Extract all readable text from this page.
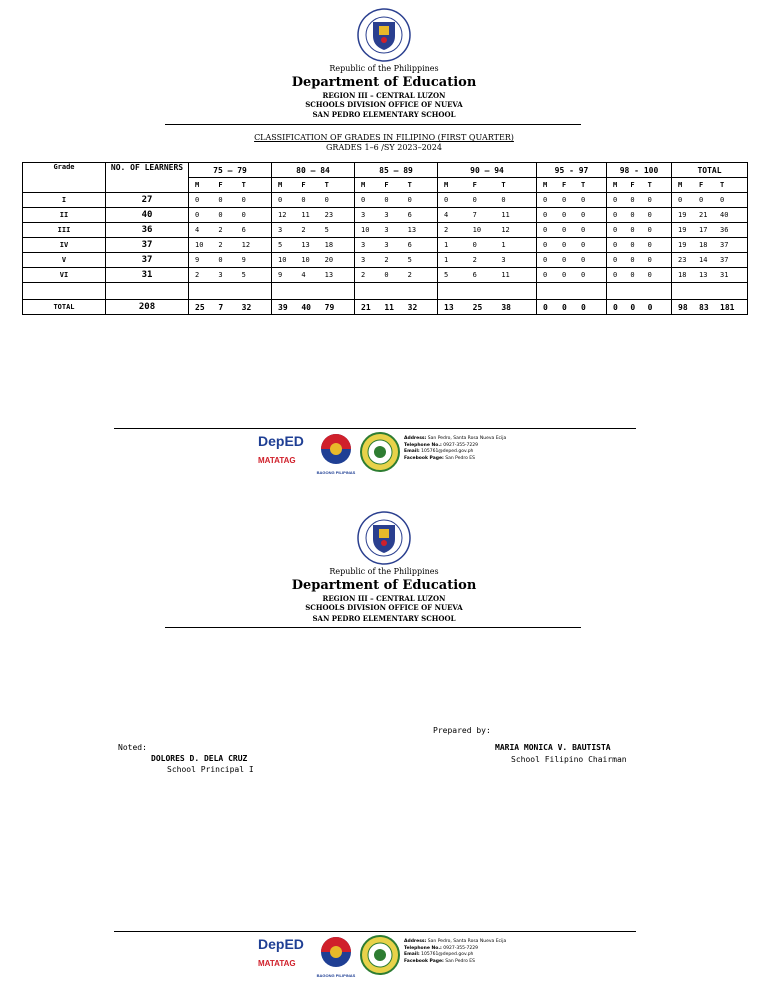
Republic of the Philippines
Department of Education
REGION III – CENTRAL LUZON
SCHOOLS DIVISION OFFICE OF NUEVA
SAN PEDRO ELEMENTARY SCHOOL
CLASSIFICATION OF GRADES IN FILIPINO (FIRST QUARTER)
GRADES 1–6 /SY 2023–2024
Grade	NO. OF LEARNERS	75 – 79	80 – 84	85 – 89	90 – 94	95 - 97	98 - 100	TOTAL

		M F T	M F T	M F T	M F T	M F T	M F T	M F T

I	27	0 0 0	0 0 0	0 0 0	0 0 0	0 0 0	0 0 0	0 0 0

II	40	0 0 0	12 11 23	3 3 6	4 7 11	0 0 0	0 0 0	19 21 40

III	36	4 2 6	3 2 5	10 3 13	2 10 12	0 0 0	0 0 0	19 17 36

IV	37	10 2 12	5 13 18	3 3 6	1 0 1	0 0 0	0 0 0	19 18 37

V	37	9 0 9	10 10 20	3 2 5	1 2 3	0 0 0	0 0 0	23 14 37

VI	31	2 3 5	9 4 13	2 0 2	5 6 11	0 0 0	0 0 0	18 13 31

TOTAL	208	25 7 32	39 40 79	21 11 32	13 25 38	0 0 0	0 0 0	98 83 181
DepED
MATATAG
BAGONG PILIPINAS
Address: San Pedro, Santa Rosa Nueva Ecija
Telephone No.: 0927-355-7229
Email: 105761@deped.gov.ph
Facebook Page: San Pedro ES
Republic of the Philippines
Department of Education
REGION III – CENTRAL LUZON
SCHOOLS DIVISION OFFICE OF NUEVA
SAN PEDRO ELEMENTARY SCHOOL
Prepared by:
MARIA MONICA V. BAUTISTA
School Filipino Chairman
Noted:
DOLORES D. DELA CRUZ
School Principal I
DepED
MATATAG
BAGONG PILIPINAS
Address: San Pedro, Santa Rosa Nueva Ecija
Telephone No.: 0927-355-7229
Email: 105761@deped.gov.ph
Facebook Page: San Pedro ES
